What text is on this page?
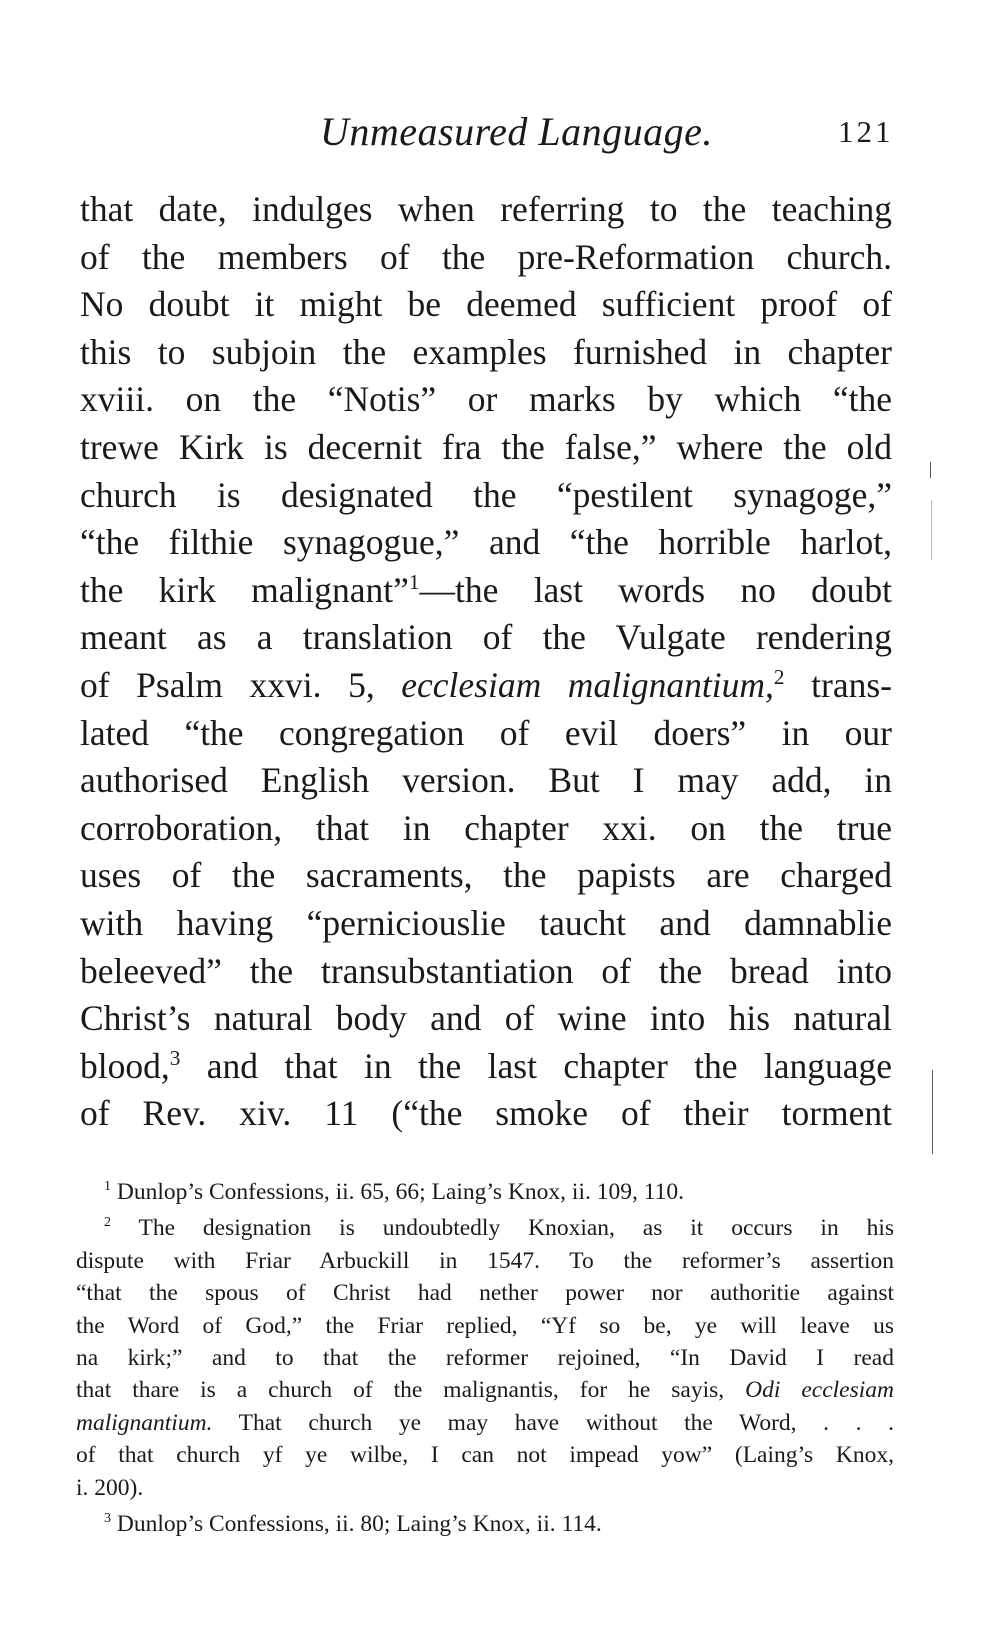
Unmeasured Language.	121
that date, indulges when referring to the teaching
of the members of the pre-Reformation church.
No doubt it might be deemed sufficient proof of
this to subjoin the examples furnished in chapter
xviii. on the “Notis” or marks by which “the
trewe Kirk is decernit fra the false,” where the old
church is designated the “pestilent synagoge,”
“the filthie synagogue,” and “the horrible harlot,
the kirk malignant”$^1$—the last words no doubt
meant as a translation of the Vulgate rendering
of Psalm xxvi. 5, ecclesiam malignantium,$^2$ trans-
lated “the congregation of evil doers” in our
authorised English version. But I may add, in
corroboration, that in chapter xxi. on the true
uses of the sacraments, the papists are charged
with having “perniciouslie taucht and damnablie
beleeved” the transubstantiation of the bread into
Christ’s natural body and of wine into his natural
blood,$^3$ and that in the last chapter the language
of Rev. xiv. 11 (“the smoke of their torment
$^1$ Dunlop’s Confessions, ii. 65, 66; Laing’s Knox, ii. 109, 110.
$^2$ The designation is undoubtedly Knoxian, as it occurs in his
dispute with Friar Arbuckill in 1547. To the reformer’s assertion
“that the spous of Christ had nether power nor authoritie against
the Word of God,” the Friar replied, “Yf so be, ye will leave us
na kirk;” and to that the reformer rejoined, “In David I read
that thare is a church of the malignantis, for he sayis, Odi ecclesiam
malignantium. That church ye may have without the Word, . . .
of that church yf ye wilbe, I can not impead yow” (Laing’s Knox,
i. 200).
$^3$ Dunlop’s Confessions, ii. 80; Laing’s Knox, ii. 114.
